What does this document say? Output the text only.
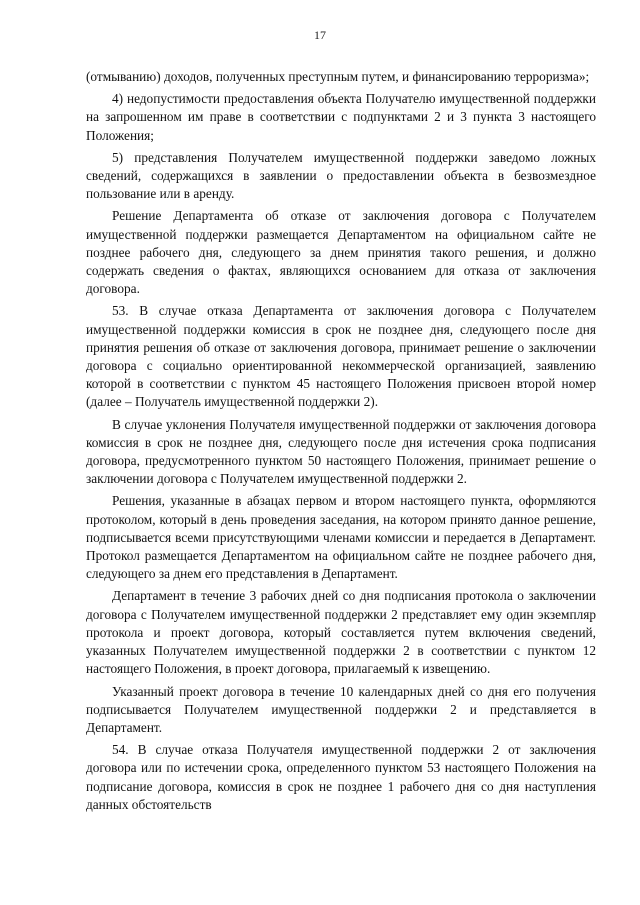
17

(отмыванию) доходов, полученных преступным путем, и финансированию терроризма»;

4) недопустимости предоставления объекта Получателю имущественной поддержки на запрошенном им праве в соответствии с подпунктами 2 и 3 пункта 3 настоящего Положения;

5) представления Получателем имущественной поддержки заведомо ложных сведений, содержащихся в заявлении о предоставлении объекта в безвозмездное пользование или в аренду.

Решение Департамента об отказе от заключения договора с Получателем имущественной поддержки размещается Департаментом на официальном сайте не позднее рабочего дня, следующего за днем принятия такого решения, и должно содержать сведения о фактах, являющихся основанием для отказа от заключения договора.

53. В случае отказа Департамента от заключения договора с Получателем имущественной поддержки комиссия в срок не позднее дня, следующего после дня принятия решения об отказе от заключения договора, принимает решение о заключении договора с социально ориентированной некоммерческой организацией, заявлению которой в соответствии с пунктом 45 настоящего Положения присвоен второй номер (далее – Получатель имущественной поддержки 2).

В случае уклонения Получателя имущественной поддержки от заключения договора комиссия в срок не позднее дня, следующего после дня истечения срока подписания договора, предусмотренного пунктом 50 настоящего Положения, принимает решение о заключении договора с Получателем имущественной поддержки 2.

Решения, указанные в абзацах первом и втором настоящего пункта, оформляются протоколом, который в день проведения заседания, на котором принято данное решение, подписывается всеми присутствующими членами комиссии и передается в Департамент. Протокол размещается Департаментом на официальном сайте не позднее рабочего дня, следующего за днем его представления в Департамент.

Департамент в течение 3 рабочих дней со дня подписания протокола о заключении договора с Получателем имущественной поддержки 2 представляет ему один экземпляр протокола и проект договора, который составляется путем включения сведений, указанных Получателем имущественной поддержки 2 в соответствии с пунктом 12 настоящего Положения, в проект договора, прилагаемый к извещению.

Указанный проект договора в течение 10 календарных дней со дня его получения подписывается Получателем имущественной поддержки 2 и представляется в Департамент.

54. В случае отказа Получателя имущественной поддержки 2 от заключения договора или по истечении срока, определенного пунктом 53 настоящего Положения на подписание договора, комиссия в срок не позднее 1 рабочего дня со дня наступления данных обстоятельств
